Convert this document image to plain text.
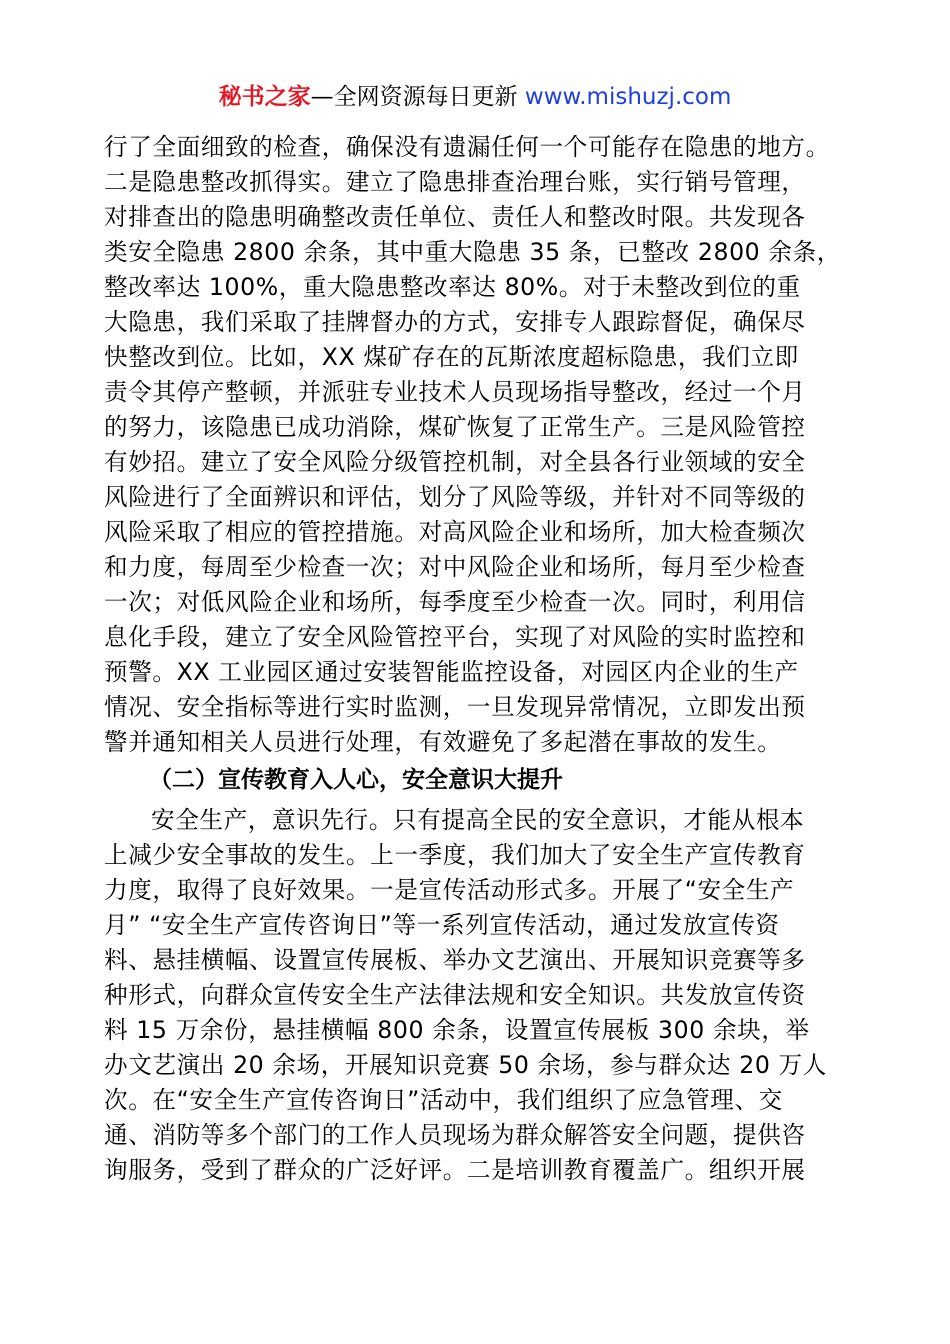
秘书之家—全网资源每日更新 www.mishuzj.com
行了全面细致的检查，确保没有遗漏任何一个可能存在隐患的地方。
二是隐患整改抓得实。建立了隐患排查治理台账，实行销号管理，
对排查出的隐患明确整改责任单位、责任人和整改时限。共发现各
类安全隐患 2800 余条，其中重大隐患 35 条，已整改 2800 余条，
整改率达 100%，重大隐患整改率达 80%。对于未整改到位的重
大隐患，我们采取了挂牌督办的方式，安排专人跟踪督促，确保尽
快整改到位。比如，XX 煤矿存在的瓦斯浓度超标隐患，我们立即
责令其停产整顿，并派驻专业技术人员现场指导整改，经过一个月
的努力，该隐患已成功消除，煤矿恢复了正常生产。三是风险管控
有妙招。建立了安全风险分级管控机制，对全县各行业领域的安全
风险进行了全面辨识和评估，划分了风险等级，并针对不同等级的
风险采取了相应的管控措施。对高风险企业和场所，加大检查频次
和力度，每周至少检查一次；对中风险企业和场所，每月至少检查
一次；对低风险企业和场所，每季度至少检查一次。同时，利用信
息化手段，建立了安全风险管控平台，实现了对风险的实时监控和
预警。XX 工业园区通过安装智能监控设备，对园区内企业的生产
情况、安全指标等进行实时监测，一旦发现异常情况，立即发出预
警并通知相关人员进行处理，有效避免了多起潜在事故的发生。
（二）宣传教育入人心，安全意识大提升
安全生产，意识先行。只有提高全民的安全意识，才能从根本
上减少安全事故的发生。上一季度，我们加大了安全生产宣传教育
力度，取得了良好效果。一是宣传活动形式多。开展了“安全生产
月” “安全生产宣传咨询日”等一系列宣传活动，通过发放宣传资
料、悬挂横幅、设置宣传展板、举办文艺演出、开展知识竞赛等多
种形式，向群众宣传安全生产法律法规和安全知识。共发放宣传资
料 15 万余份，悬挂横幅 800 余条，设置宣传展板 300 余块，举
办文艺演出 20 余场，开展知识竞赛 50 余场，参与群众达 20 万人
次。在“安全生产宣传咨询日”活动中，我们组织了应急管理、交
通、消防等多个部门的工作人员现场为群众解答安全问题，提供咨
询服务，受到了群众的广泛好评。二是培训教育覆盖广。组织开展
